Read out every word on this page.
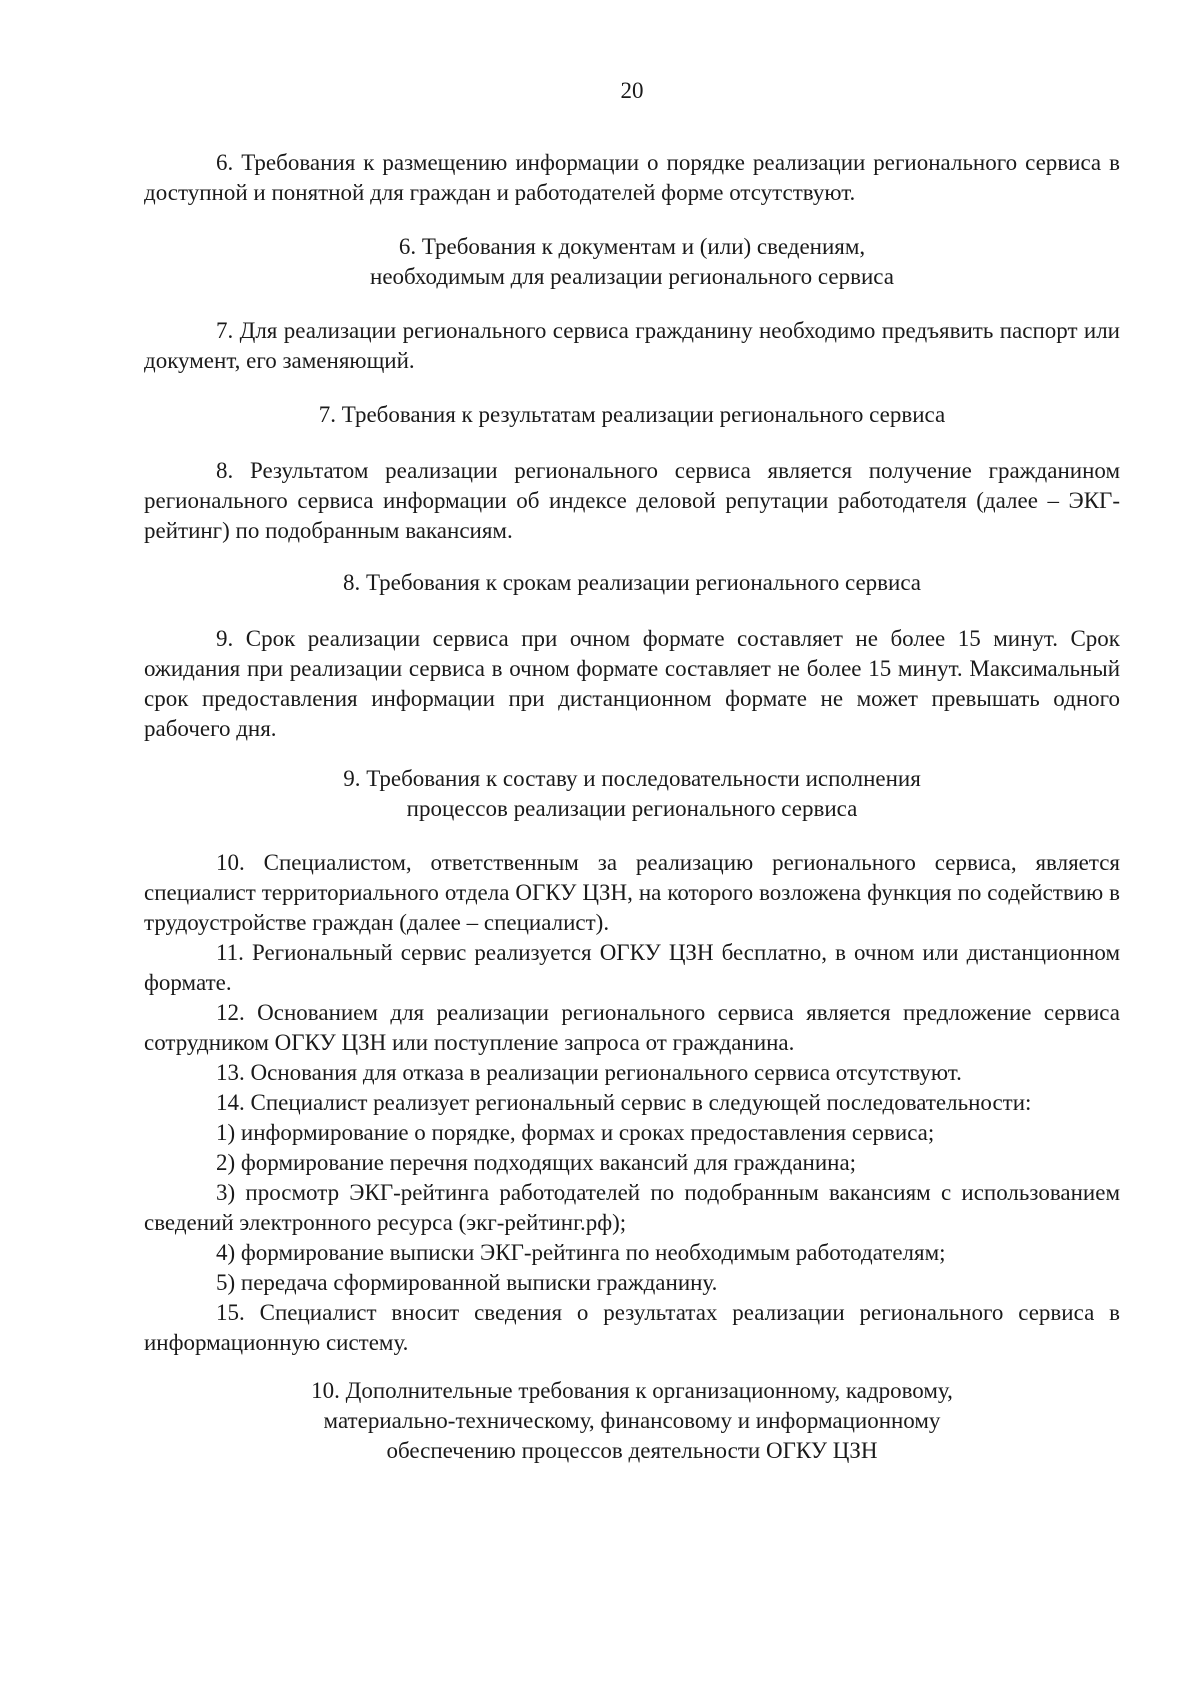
20

6. Требования к размещению информации о порядке реализации регионального сервиса в доступной и понятной для граждан и работодателей форме отсутствуют.

6. Требования к документам и (или) сведениям,
необходимым для реализации регионального сервиса

7. Для реализации регионального сервиса гражданину необходимо предъявить паспорт или документ, его заменяющий.

7. Требования к результатам реализации регионального сервиса

8. Результатом реализации регионального сервиса является получение гражданином регионального сервиса информации об индексе деловой репутации работодателя (далее – ЭКГ-рейтинг) по подобранным вакансиям.

8. Требования к срокам реализации регионального сервиса

9. Срок реализации сервиса при очном формате составляет не более 15 минут. Срок ожидания при реализации сервиса в очном формате составляет не более 15 минут. Максимальный срок предоставления информации при дистанционном формате не может превышать одного рабочего дня.

9. Требования к составу и последовательности исполнения
процессов реализации регионального сервиса

10. Специалистом, ответственным за реализацию регионального сервиса, является специалист территориального отдела ОГКУ ЦЗН, на которого возложена функция по содействию в трудоустройстве граждан (далее – специалист).

11. Региональный сервис реализуется ОГКУ ЦЗН бесплатно, в очном или дистанционном формате.

12. Основанием для реализации регионального сервиса является предложение сервиса сотрудником ОГКУ ЦЗН или поступление запроса от гражданина.

13. Основания для отказа в реализации регионального сервиса отсутствуют.

14. Специалист реализует региональный сервис в следующей последовательности:

1) информирование о порядке, формах и сроках предоставления сервиса;

2) формирование перечня подходящих вакансий для гражданина;

3) просмотр ЭКГ-рейтинга работодателей по подобранным вакансиям с использованием сведений электронного ресурса (экг-рейтинг.рф);

4) формирование выписки ЭКГ-рейтинга по необходимым работодателям;

5) передача сформированной выписки гражданину.

15. Специалист вносит сведения о результатах реализации регионального сервиса в информационную систему.

10. Дополнительные требования к организационному, кадровому,
материально-техническому, финансовому и информационному
обеспечению процессов деятельности ОГКУ ЦЗН
